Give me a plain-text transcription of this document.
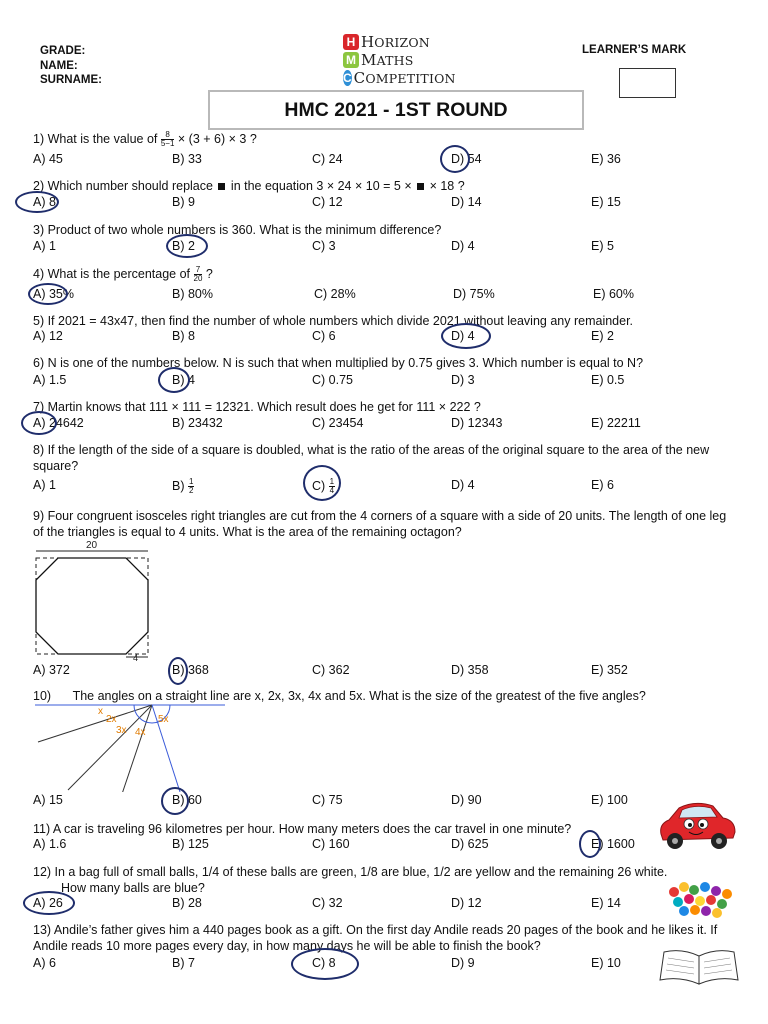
GRADE:
NAME:
SURNAME:
H HORIZON
M MATHS
C COMPETITION
LEARNER’S MARK
HMC 2021 - 1ST ROUND
1) What is the value of $\frac{8}{5-1} \times (3 + 6) \times 3$ ?
A) 45	B) 33	C) 24	D) 54	E) 36
2) Which number should replace  in the equation 3 × 24 × 10 = 5 ×  × 18 ?
A) 8	B) 9	C) 12	D) 14	E) 15
3) Product of two whole numbers is 360. What is the minimum difference?
A) 1	B) 2	C) 3	D) 4	E) 5
4) What is the percentage of $\frac{7}{20}$ ?
A) 35%	B) 80%	C) 28%	D) 75%	E) 60%
5) If 2021 = 43x47, then find the number of whole numbers which divide 2021 without leaving any remainder.
A) 12	B) 8	C) 6	D) 4	E) 2
6) N is one of the numbers below. N is such that when multiplied by 0.75 gives 3. Which number is equal to N?
A) 1.5	B) 4	C) 0.75	D) 3	E) 0.5
7) Martin knows that 111 × 111 = 12321. Which result does he get for 111 × 222 ?
A) 24642	B) 23432	C) 23454	D) 12343	E) 22211
8) If the length of the side of a square is doubled, what is the ratio of the areas of the original square to the area of the new square?
A) 1	$B) \frac{1}{2}$	$C) \frac{1}{4}$	D) 4	E) 6
9) Four congruent isosceles right triangles are cut from the 4 corners of a square with a side of 20 units. The length of one leg of the triangles is equal to 4 units. What is the area of the remaining octagon?
20
4
A) 372	B) 368	C) 362	D) 358	E) 352
10) The angles on a straight line are x, 2x, 3x, 4x and 5x. What is the size of the greatest of the five angles?
x
2x
3x 4x
5x
A) 15	B) 60	C) 75	D) 90	E) 100
11) A car is traveling 96 kilometres per hour. How many meters does the car travel in one minute?
A) 1.6	B) 125	C) 160	D) 625	E) 1600
12) In a bag full of small balls, 1/4 of these balls are green, 1/8 are blue, 1/2 are yellow and the remaining 26 white.
How many balls are blue?
A) 26	B) 28	C) 32	D) 12	E) 14
13) Andile’s father gives him a 440 pages book as a gift. On the first day Andile reads 20 pages of the book and he likes it. If Andile reads 10 more pages every day, in how many days he will be able to finish the book?
A) 6	B) 7	C) 8	D) 9	E) 10
